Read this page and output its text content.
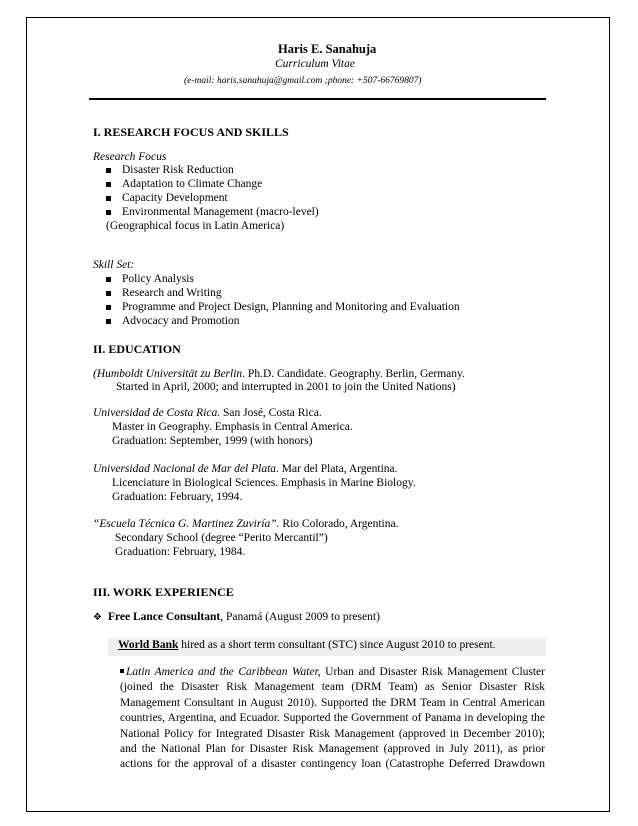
Haris E. Sanahuja
Curriculum Vitae
(e-mail: haris.sanahuja@gmail.com ;phone: +507-66769807)
I. RESEARCH FOCUS AND SKILLS
Research Focus
Disaster Risk Reduction
Adaptation to Climate Change
Capacity Development
Environmental Management (macro-level)
(Geographical focus in Latin America)
Skill Set:
Policy Analysis
Research and Writing
Programme and Project Design, Planning and Monitoring and Evaluation
Advocacy and Promotion
II. EDUCATION
(Humboldt Universität zu Berlin. Ph.D. Candidate. Geography. Berlin, Germany.
Started in April, 2000; and interrupted in 2001 to join the United Nations)
Universidad de Costa Rica. San José, Costa Rica.
Master in Geography. Emphasis in Central America.
Graduation: September, 1999 (with honors)
Universidad Nacional de Mar del Plata. Mar del Plata, Argentina.
Licenciature in Biological Sciences. Emphasis in Marine Biology.
Graduation: February, 1994.
“Escuela Técnica G. Martinez Zuviría”. Rio Colorado, Argentina.
Secondary School (degree “Perito Mercantil”)
Graduation: February, 1984.
III. WORK EXPERIENCE
❖ Free Lance Consultant, Panamá (August 2009 to present)
World Bank hired as a short term consultant (STC) since August 2010 to present.
Latin America and the Caribbean Water, Urban and Disaster Risk Management Cluster
(joined the Disaster Risk Management team (DRM Team) as Senior Disaster Risk
Management Consultant in August 2010). Supported the DRM Team in Central American
countries, Argentina, and Ecuador. Supported the Government of Panama in developing the
National Policy for Integrated Disaster Risk Management (approved in December 2010);
and the National Plan for Disaster Risk Management (approved in July 2011), as prior
actions for the approval of a disaster contingency loan (Catastrophe Deferred Drawdown
